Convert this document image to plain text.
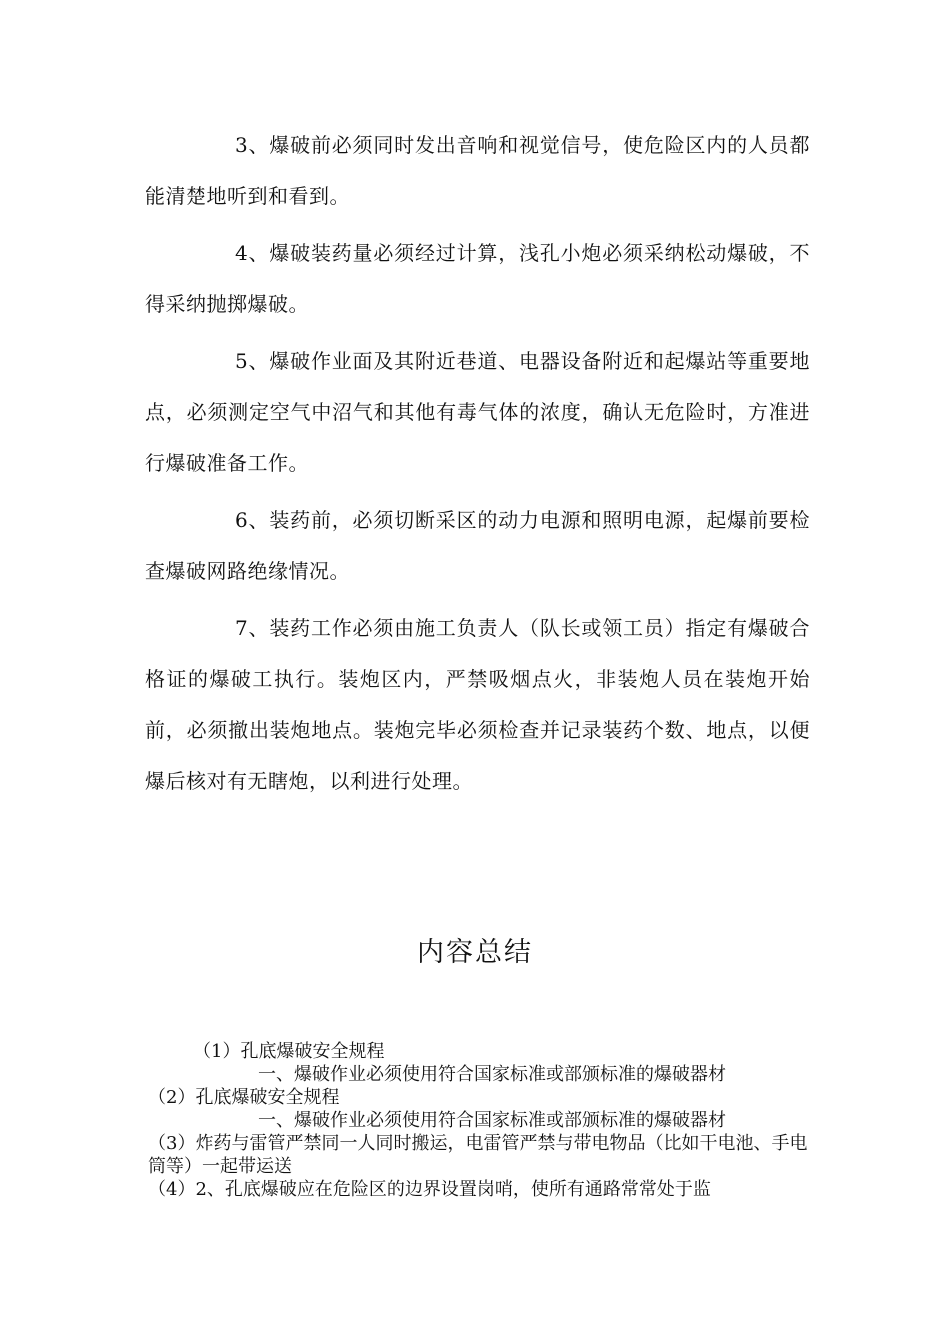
3、爆破前必须同时发出音响和视觉信号，使危险区内的人员都能清楚地听到和看到。

4、爆破装药量必须经过计算，浅孔小炮必须采纳松动爆破，不得采纳抛掷爆破。

5、爆破作业面及其附近巷道、电器设备附近和起爆站等重要地点，必须测定空气中沼气和其他有毒气体的浓度，确认无危险时，方准进行爆破准备工作。

6、装药前，必须切断采区的动力电源和照明电源，起爆前要检查爆破网路绝缘情况。

7、装药工作必须由施工负责人（队长或领工员）指定有爆破合格证的爆破工执行。装炮区内，严禁吸烟点火，非装炮人员在装炮开始前，必须撤出装炮地点。装炮完毕必须检查并记录装药个数、地点，以便爆后核对有无瞎炮，以利进行处理。

内容总结

（1）孔底爆破安全规程

一、爆破作业必须使用符合国家标准或部颁标准的爆破器材

（2）孔底爆破安全规程

一、爆破作业必须使用符合国家标准或部颁标准的爆破器材

（3）炸药与雷管严禁同一人同时搬运，电雷管严禁与带电物品（比如干电池、手电筒等）一起带运送

（4）2、孔底爆破应在危险区的边界设置岗哨，使所有通路常常处于监
